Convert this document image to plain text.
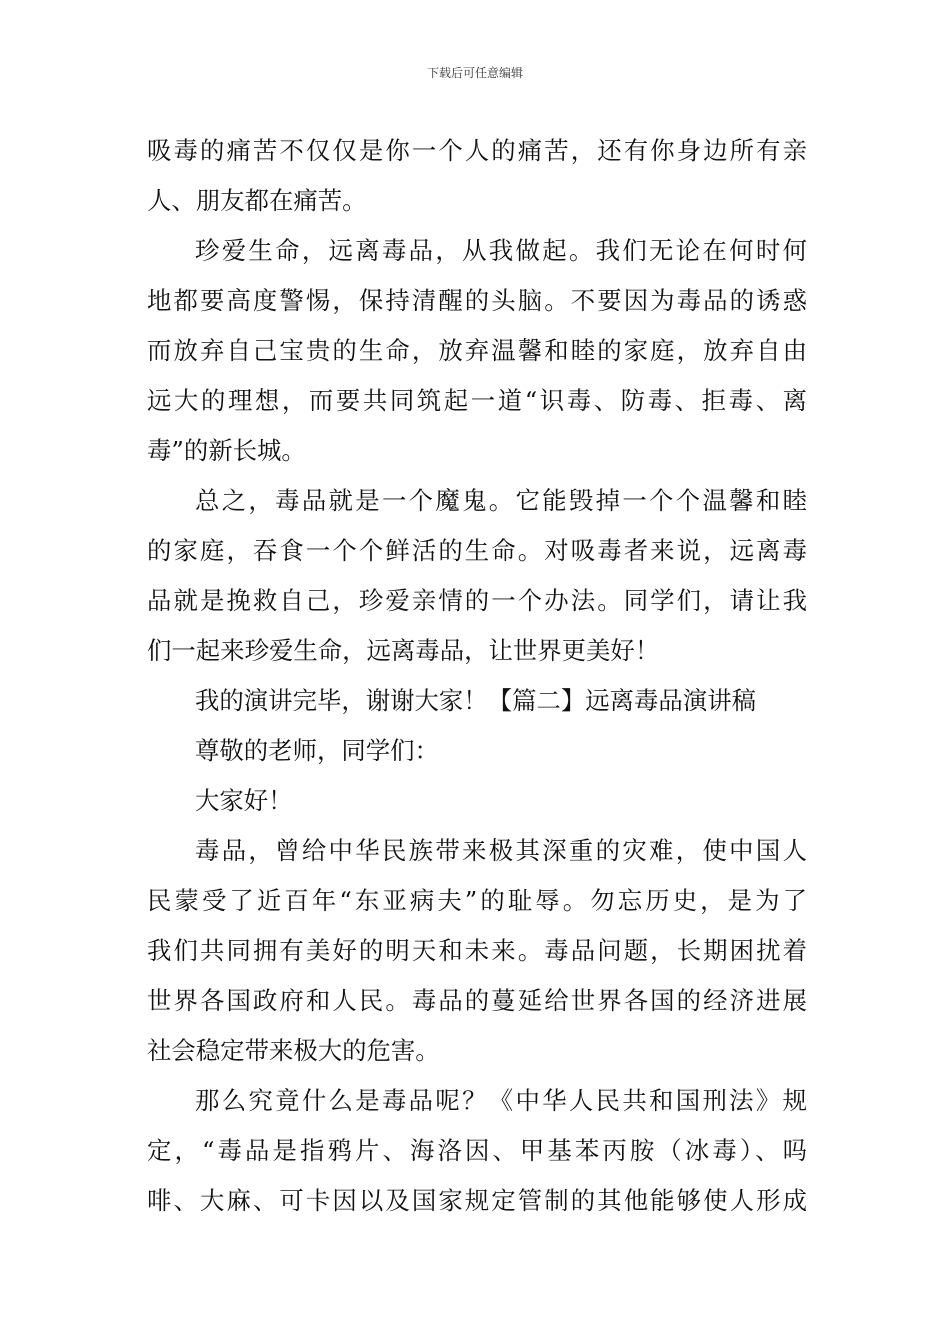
下载后可任意编辑
吸毒的痛苦不仅仅是你一个人的痛苦，还有你身边所有亲
人、朋友都在痛苦。
珍爱生命，远离毒品，从我做起。我们无论在何时何
地都要高度警惕，保持清醒的头脑。不要因为毒品的诱惑
而放弃自己宝贵的生命，放弃温馨和睦的家庭，放弃自由
远大的理想，而要共同筑起一道“识毒、防毒、拒毒、离
毒”的新长城。
总之，毒品就是一个魔鬼。它能毁掉一个个温馨和睦
的家庭，吞食一个个鲜活的生命。对吸毒者来说，远离毒
品就是挽救自己，珍爱亲情的一个办法。同学们，请让我
们一起来珍爱生命，远离毒品，让世界更美好！
我的演讲完毕，谢谢大家！【篇二】远离毒品演讲稿
尊敬的老师，同学们：
大家好！
毒品，曾给中华民族带来极其深重的灾难，使中国人
民蒙受了近百年“东亚病夫”的耻辱。勿忘历史，是为了
我们共同拥有美好的明天和未来。毒品问题，长期困扰着
世界各国政府和人民。毒品的蔓延给世界各国的经济进展
社会稳定带来极大的危害。
那么究竟什么是毒品呢？《中华人民共和国刑法》规
定，“毒品是指鸦片、海洛因、甲基苯丙胺（冰毒）、吗
啡、大麻、可卡因以及国家规定管制的其他能够使人形成
